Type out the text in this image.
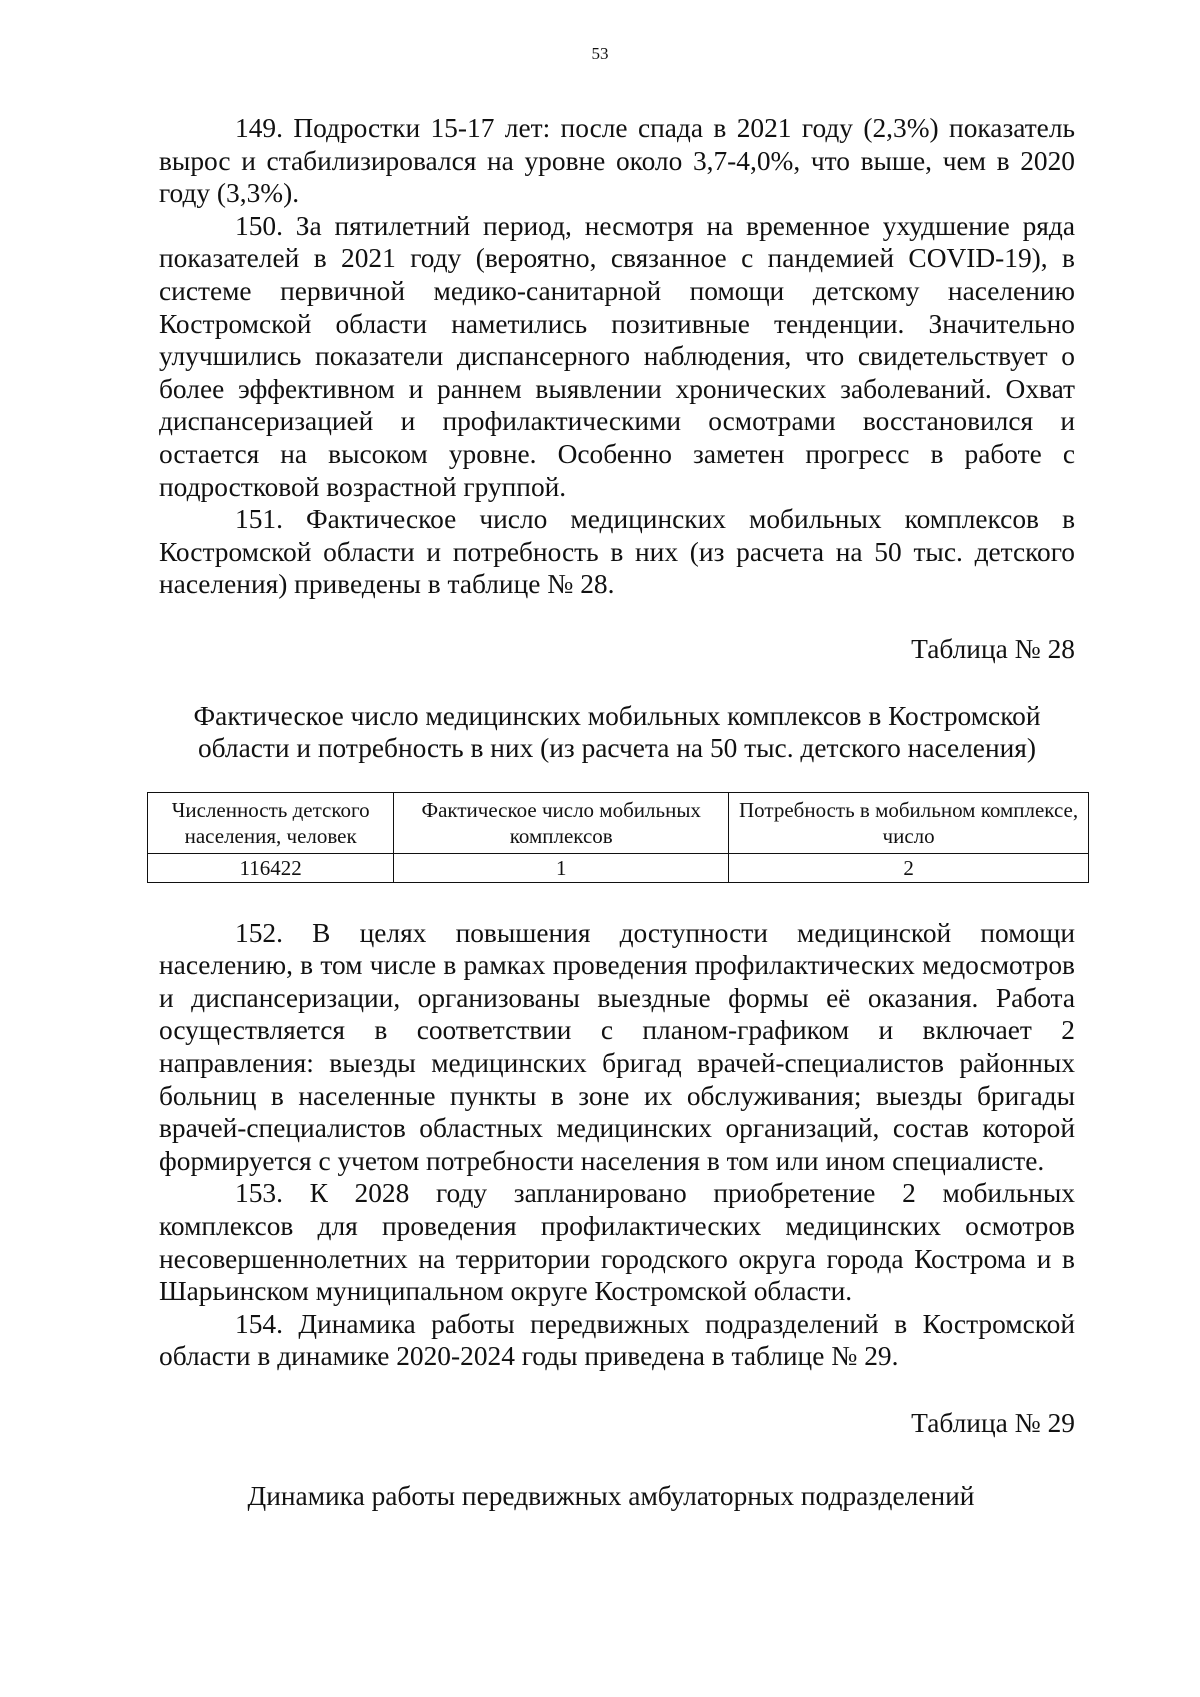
53

149. Подростки 15-17 лет: после спада в 2021 году (2,3%) показатель вырос и стабилизировался на уровне около 3,7-4,0%, что выше, чем в 2020 году (3,3%).

150. За пятилетний период, несмотря на временное ухудшение ряда показателей в 2021 году (вероятно, связанное с пандемией COVID-19), в системе первичной медико-санитарной помощи детскому населению Костромской области наметились позитивные тенденции. Значительно улучшились показатели диспансерного наблюдения, что свидетельствует о более эффективном и раннем выявлении хронических заболеваний. Охват диспансеризацией и профилактическими осмотрами восстановился и остается на высоком уровне. Особенно заметен прогресс в работе с подростковой возрастной группой.

151. Фактическое число медицинских мобильных комплексов в Костромской области и потребность в них (из расчета на 50 тыс. детского населения) приведены в таблице № 28.

Таблица № 28
Фактическое число медицинских мобильных комплексов в Костромской
области и потребность в них (из расчета на 50 тыс. детского населения)
Численность детского населения, человек	Фактическое число мобильных комплексов	Потребность в мобильном комплексе, число
116422	1	2

152. В целях повышения доступности медицинской помощи населению, в том числе в рамках проведения профилактических медосмотров и диспансеризации, организованы выездные формы её оказания. Работа осуществляется в соответствии с планом-графиком и включает 2 направления: выезды медицинских бригад врачей-специалистов районных больниц в населенные пункты в зоне их обслуживания; выезды бригады врачей-специалистов областных медицинских организаций, состав которой формируется с учетом потребности населения в том или ином специалисте.

153. К 2028 году запланировано приобретение 2 мобильных комплексов для проведения профилактических медицинских осмотров несовершеннолетних на территории городского округа города Кострома и в Шарьинском муниципальном округе Костромской области.

154. Динамика работы передвижных подразделений в Костромской области в динамике 2020-2024 годы приведена в таблице № 29.

Таблица № 29
Динамика работы передвижных амбулаторных подразделений
